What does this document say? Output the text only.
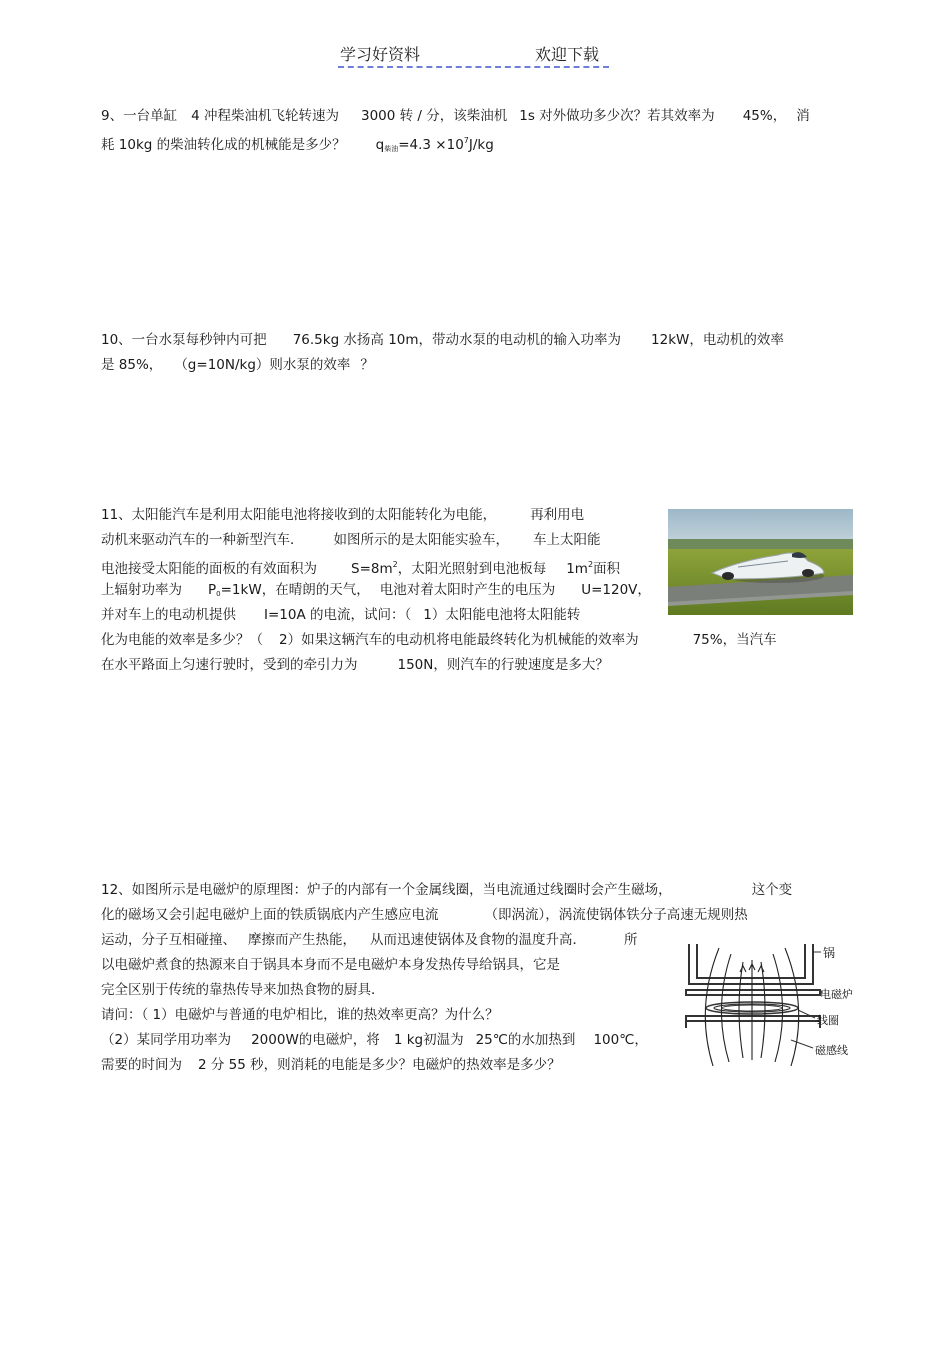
学习好资料	欢迎下载
9、一台单缸 4 冲程柴油机飞轮转速为 3000 转 / 分，该柴油机 1s 对外做功多少次？若其效率为 45%， 消
耗 10kg 的柴油转化成的机械能是多少？ $q_{柴油}=4.3 \times 10^7J/kg$
10、一台水泵每秒钟内可把 76.5kg 水扬高 10m，带动水泵的电动机的输入功率为 12kW，电动机的效率
是 85%， （g=10N/kg）则水泵的效率 ？
11、太阳能汽车是利用太阳能电池将接收到的太阳能转化为电能，	再利用电
动机来驱动汽车的一种新型汽车． 如图所示的是太阳能实验车， 车上太阳能
电池接受太阳能的面板的有效面积为	$S=8m^2$，太阳光照射到电池板每 $1m^2$面积
上辐射功率为 $P_0=1kW$，在晴朗的天气， 电池对着太阳时产生的电压为 U=120V，
并对车上的电动机提供 I=10A 的电流，试问：（ 1）太阳能电池将太阳能转
化为电能的效率是多少？（ 2）如果这辆汽车的电动机将电能最终转化为机械能的效率为	75%，当汽车
在水平路面上匀速行驶时，受到的牵引力为	150N，则汽车的行驶速度是多大？
12、如图所示是电磁炉的原理图：炉子的内部有一个金属线圈，当电流通过线圈时会产生磁场，	这个变
化的磁场又会引起电磁炉上面的铁质锅底内产生感应电流	（即涡流），涡流使锅体铁分子高速无规则热
运动，分子互相碰撞、 摩擦而产生热能， 从而迅速使锅体及食物的温度升高．	所
以电磁炉煮食的热源来自于锅具本身而不是电磁炉本身发热传导给锅具，它是
完全区别于传统的靠热传导来加热食物的厨具．
请问：（ 1）电磁炉与普通的电炉相比，谁的热效率更高？为什么？
（2）某同学用功率为 2000W的电磁炉，将 1 kg初温为 25℃的水加热到 100℃，
需要的时间为 2 分 55 秒，则消耗的电能是多少？电磁炉的热效率是多少？
锅
电磁炉
线圈
磁感线
